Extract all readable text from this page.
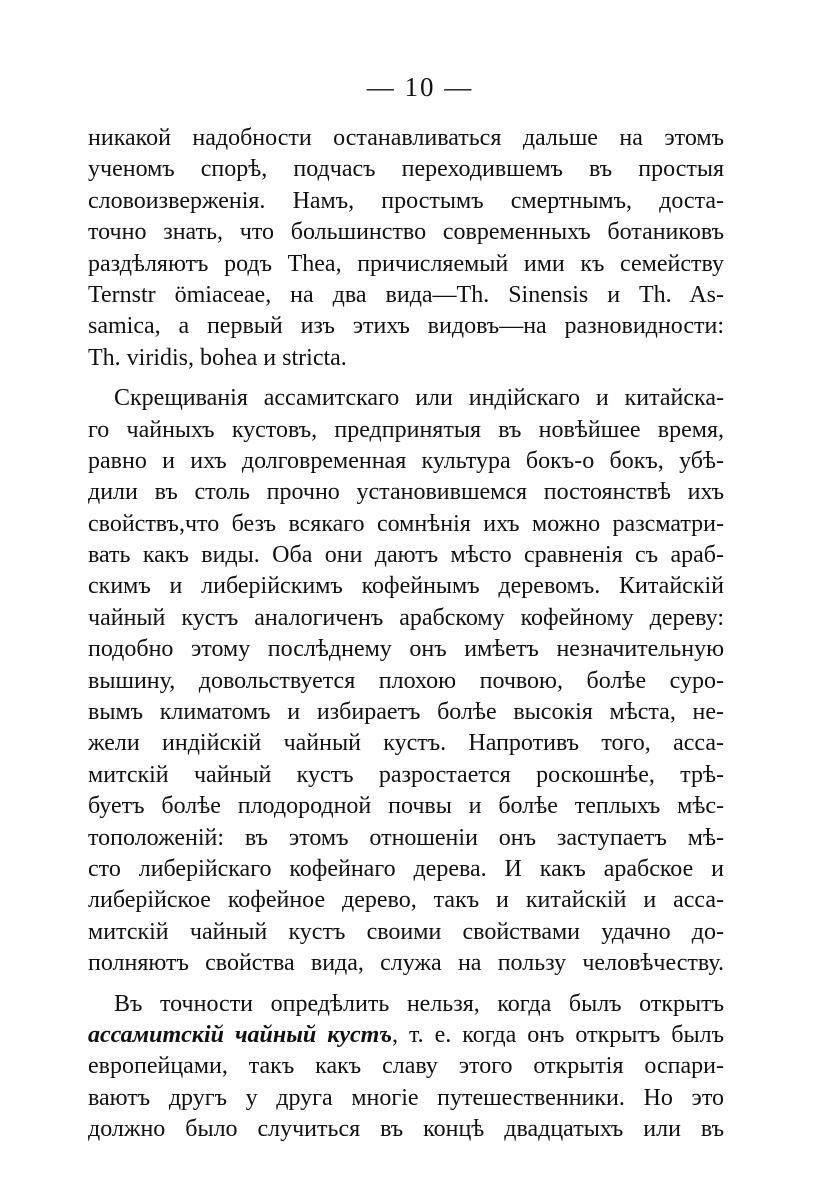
— 10 —
никакой надобности останавливаться дальше на этомъ
ученомъ спорѣ, подчасъ переходившемъ въ простыя
словоизверженія. Намъ, простымъ смертнымъ, доста-
точно знать, что большинство современныхъ ботаниковъ
раздѣляютъ родъ Thea, причисляемый ими къ семейству
Ternstr ömiaceae, на два вида—Th. Sinensis и Th. As-
samica, а первый изъ этихъ видовъ—на разновидности:
Th. viridis, bohea и stricta.
Скрещиванія ассамитскаго или индійскаго и китайска-
го чайныхъ кустовъ, предпринятыя въ новѣйшее время,
равно и ихъ долговременная культура бокъ-о бокъ, убѣ-
дили въ столь прочно установившемся постоянствѣ ихъ
свойствъ,что безъ всякаго сомнѣнія ихъ можно разсматри-
вать какъ виды. Оба они даютъ мѣсто сравненія съ араб-
скимъ и либерійскимъ кофейнымъ деревомъ. Китайскій
чайный кустъ аналогиченъ арабскому кофейному дереву:
подобно этому послѣднему онъ имѣетъ незначительную
вышину, довольствуется плохою почвою, болѣе суро-
вымъ климатомъ и избираетъ болѣе высокія мѣста, не-
жели индійскій чайный кустъ. Напротивъ того, асса-
митскій чайный кустъ разростается роскошнѣе, трѣ-
буетъ болѣе плодородной почвы и болѣе теплыхъ мѣс-
тоположеній: въ этомъ отношеніи онъ заступаетъ мѣ-
сто либерійскаго кофейнаго дерева. И какъ арабское и
либерійское кофейное дерево, такъ и китайскій и асса-
митскій чайный кустъ своими свойствами удачно до-
полняютъ свойства вида, служа на пользу человѣчеству.
Въ точности опредѣлить нельзя, когда былъ открытъ
ассамитскій чайный кустъ, т. е. когда онъ открытъ былъ
европейцами, такъ какъ славу этого открытія оспари-
ваютъ другъ у друга многіе путешественники. Но это
должно было случиться въ концѣ двадцатыхъ или въ
